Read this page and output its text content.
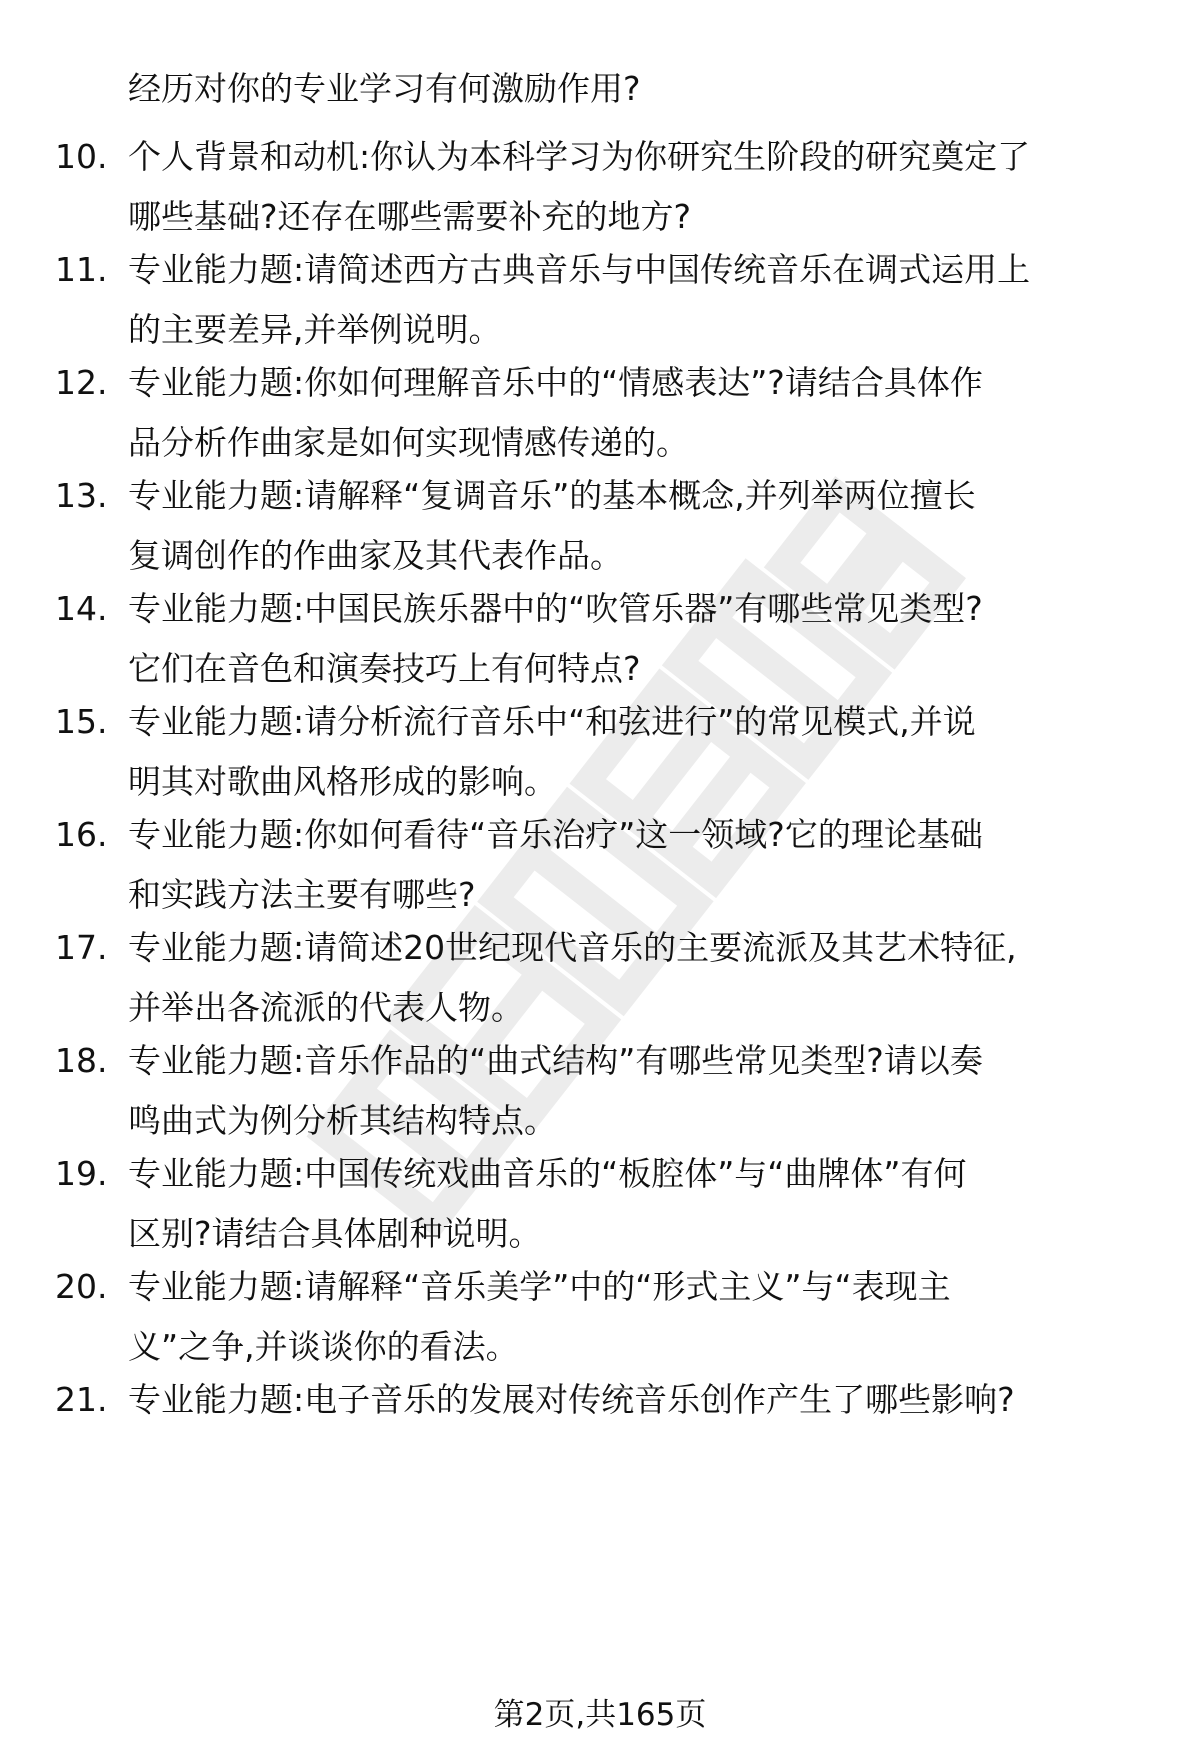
经历对你的专业学习有何激励作用?
10. 个人背景和动机:你认为本科学习为你研究生阶段的研究奠定了
哪些基础?还存在哪些需要补充的地方?
11. 专业能力题:请简述西方古典音乐与中国传统音乐在调式运用上
的主要差异,并举例说明。
12. 专业能力题:你如何理解音乐中的“情感表达”?请结合具体作
品分析作曲家是如何实现情感传递的。
13. 专业能力题:请解释“复调音乐”的基本概念,并列举两位擅长
复调创作的作曲家及其代表作品。
14. 专业能力题:中国民族乐器中的“吹管乐器”有哪些常见类型?
它们在音色和演奏技巧上有何特点?
15. 专业能力题:请分析流行音乐中“和弦进行”的常见模式,并说
明其对歌曲风格形成的影响。
16. 专业能力题:你如何看待“音乐治疗”这一领域?它的理论基础
和实践方法主要有哪些?
17. 专业能力题:请简述20世纪现代音乐的主要流派及其艺术特征,
并举出各流派的代表人物。
18. 专业能力题:音乐作品的“曲式结构”有哪些常见类型?请以奏
鸣曲式为例分析其结构特点。
19. 专业能力题:中国传统戏曲音乐的“板腔体”与“曲牌体”有何
区别?请结合具体剧种说明。
20. 专业能力题:请解释“音乐美学”中的“形式主义”与“表现主
义”之争,并谈谈你的看法。
21. 专业能力题:电子音乐的发展对传统音乐创作产生了哪些影响?
第2页,共165页
